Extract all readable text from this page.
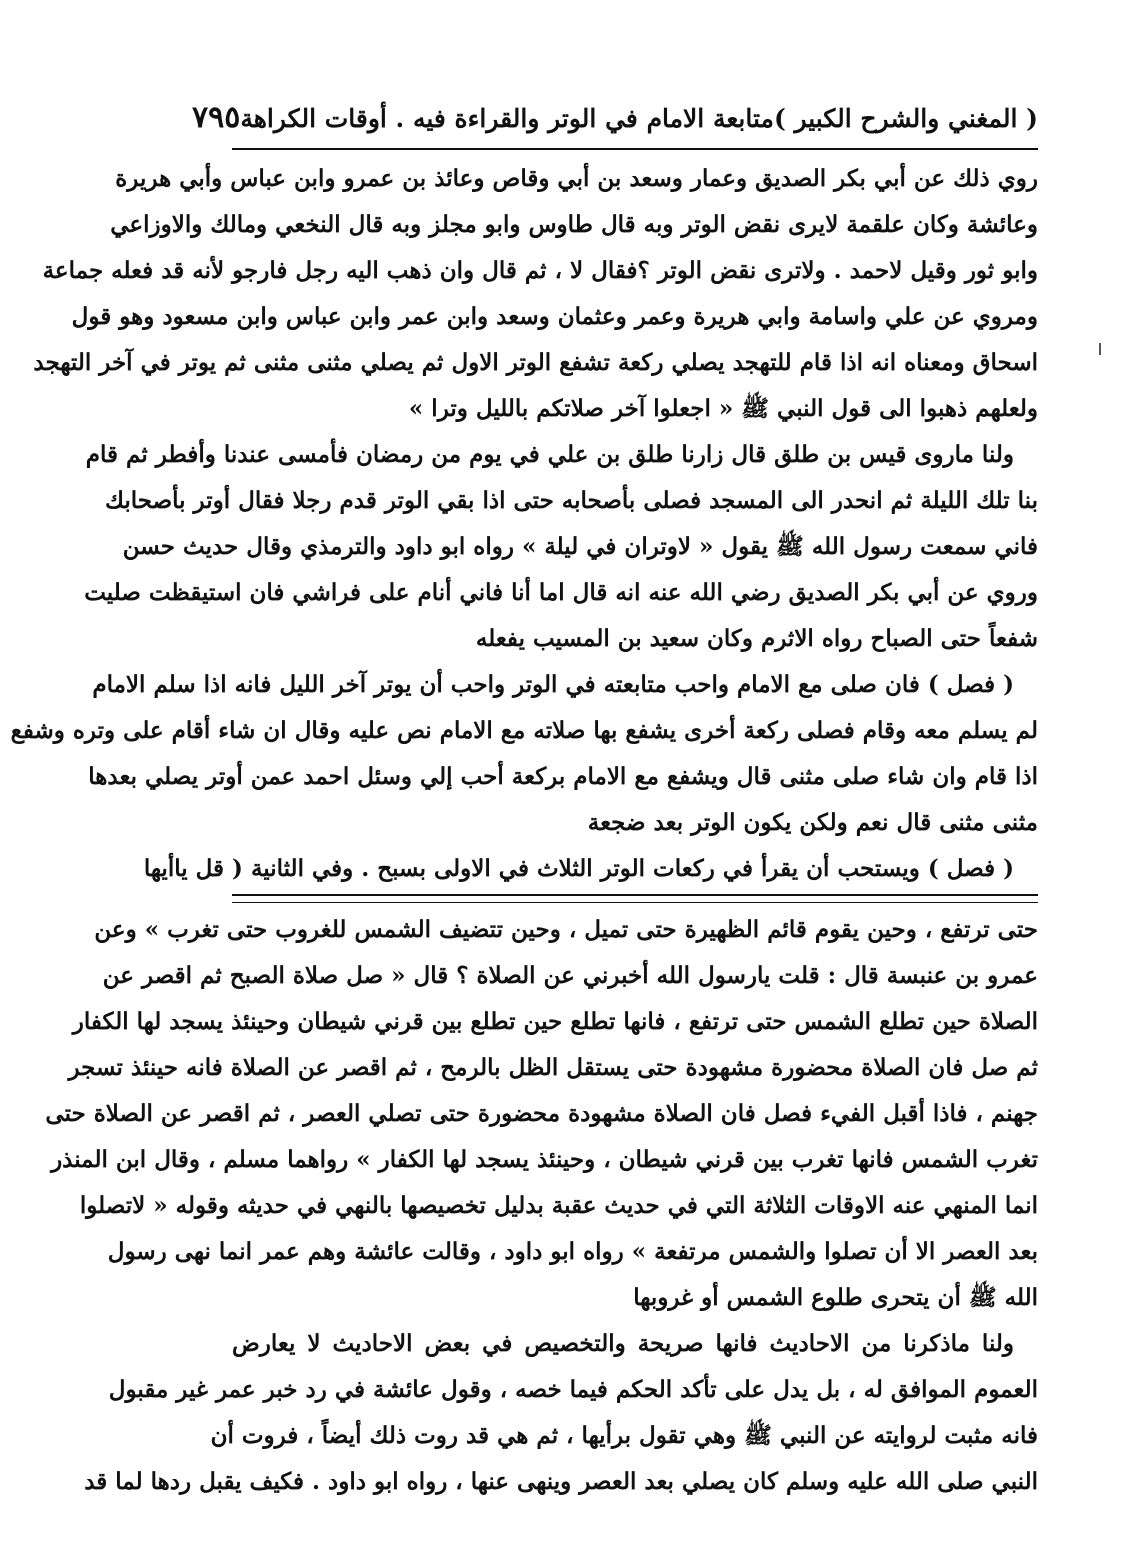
( المغني والشرح الكبير )
متابعة الامام في الوتر والقراءة فيه . أوقات الكراهة
٧٩٥
روي ذلك عن أبي بكر الصديق وعمار وسعد بن أبي وقاص وعائذ بن عمرو وابن عباس وأبي هريرة
وعائشة وكان علقمة لايرى نقض الوتر وبه قال طاوس وابو مجلز وبه قال النخعي ومالك والاوزاعي
وابو ثور وقيل لاحمد . ولاترى نقض الوتر ؟فقال لا ، ثم قال وان ذهب اليه رجل فارجو لأنه قد فعله جماعة
ومروي عن علي واسامة وابي هريرة وعمر وعثمان وسعد وابن عمر وابن عباس وابن مسعود وهو قول
اسحاق ومعناه انه اذا قام للتهجد يصلي ركعة تشفع الوتر الاول ثم يصلي مثنى مثنى ثم يوتر في آخر التهجد
ولعلهم ذهبوا الى قول النبي ﷺ « اجعلوا آخر صلاتكم بالليل وترا »
ولنا ماروى قيس بن طلق قال زارنا طلق بن علي في يوم من رمضان فأمسى عندنا وأفطر ثم قام
بنا تلك الليلة ثم انحدر الى المسجد فصلى بأصحابه حتى اذا بقي الوتر قدم رجلا فقال أوتر بأصحابك
فاني سمعت رسول الله ﷺ يقول « لاوتران في ليلة » رواه ابو داود والترمذي وقال حديث حسن
وروي عن أبي بكر الصديق رضي الله عنه انه قال اما أنا فاني أنام على فراشي فان استيقظت صليت
شفعاً حتى الصباح رواه الاثرم وكان سعيد بن المسيب يفعله
( فصل ) فان صلى مع الامام واحب متابعته في الوتر واحب أن يوتر آخر الليل فانه اذا سلم الامام
لم يسلم معه وقام فصلى ركعة أخرى يشفع بها صلاته مع الامام نص عليه وقال ان شاء أقام على وتره وشفع
اذا قام وان شاء صلى مثنى قال ويشفع مع الامام بركعة أحب إلي وسئل احمد عمن أوتر يصلي بعدها
مثنى مثنى قال نعم ولكن يكون الوتر بعد ضجعة
( فصل ) ويستحب أن يقرأ في ركعات الوتر الثلاث في الاولى بسبح . وفي الثانية ( قل ياأيها
حتى ترتفع ، وحين يقوم قائم الظهيرة حتى تميل ، وحين تتضيف الشمس للغروب حتى تغرب » وعن
عمرو بن عنبسة قال : قلت يارسول الله أخبرني عن الصلاة ؟ قال « صل صلاة الصبح ثم اقصر عن
الصلاة حين تطلع الشمس حتى ترتفع ، فانها تطلع حين تطلع بين قرني شيطان وحينئذ يسجد لها الكفار
ثم صل فان الصلاة محضورة مشهودة حتى يستقل الظل بالرمح ، ثم اقصر عن الصلاة فانه حينئذ تسجر
جهنم ، فاذا أقبل الفيء فصل فان الصلاة مشهودة محضورة حتى تصلي العصر ، ثم اقصر عن الصلاة حتى
تغرب الشمس فانها تغرب بين قرني شيطان ، وحينئذ يسجد لها الكفار » رواهما مسلم ، وقال ابن المنذر
انما المنهي عنه الاوقات الثلاثة التي في حديث عقبة بدليل تخصيصها بالنهي في حديثه وقوله « لاتصلوا
بعد العصر الا أن تصلوا والشمس مرتفعة » رواه ابو داود ، وقالت عائشة وهم عمر انما نهى رسول
الله ﷺ أن يتحرى طلوع الشمس أو غروبها
ولنا ماذكرنا من الاحاديث فانها صريحة والتخصيص في بعض الاحاديث لا يعارض
العموم الموافق له ، بل يدل على تأكد الحكم فيما خصه ، وقول عائشة في رد خبر عمر غير مقبول
فانه مثبت لروايته عن النبي ﷺ وهي تقول برأيها ، ثم هي قد روت ذلك أيضاً ، فروت أن
النبي صلى الله عليه وسلم كان يصلي بعد العصر وينهى عنها ، رواه ابو داود . فكيف يقبل ردها لما قد
